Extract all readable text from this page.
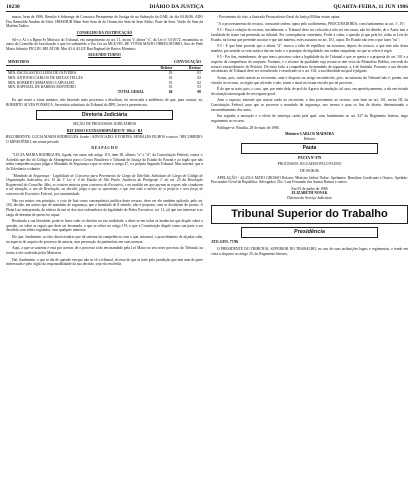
10230	DIÁRIO DA JUSTIÇA	QUARTA-FEIRA, 11 JUN 1986

marco, bem de 1986. Remião à Sobrenge de Concurso Permanente de Justiga de na Subseção da OAB, do dia 04.06.86. ADO Dos Remiolde Amdim de Silva. HIHAHUB Mam Sem Sem de da Ossem,itta Sem da Sem Aldoe, Prate da Sem. Vuido de Sem da Maelms Tadios.

CONSELHO DA JUSTIFICAÇÃO

Sil-t o Al o a Bgmo Sr Ministro do Tribunal, em cumprimento ao art. 11, inciso V, alínea "a", da Lei nº 5.010/72, encaminha os autos do Conselho de Justificação o que foi submetido a Vos Cor na MGUVEL DE VOVIR MAVIO OBREGATORIO, Ator de Pede Maria Schmitz PICLIN. RELATOR: Min ALA ALUE Ban Raphael de Barros Monteiro.

SEGUNDO TURNO

MINISTROS	CONVOCAÇÃO	
	Relator	Revisor
MIN. ESCOLÁSTICO LIMA DE OLIVEIRA	01	01
MIN. ANTONIO CARLOS DE SEIXAS TELLES	01	02
MIN. ROBERTO ARMANDO CARVALHO	01	02
MIN. RAPHAEL DE BARROS MONTEIRO	01	03
TOTAL GERAL	04	08

Eu que neste a trinta minutos, não havendo mais processos a distribuir, foi encerrada a audiência, de que, para constar, eu, ROBERTO ALVES FONSECA, Secretário substituto do Tribunal do DPE, lavrei a presente ata.

Diretoria Judiciária

SEÇÃO DE PROCESSOS JUDICIÁRIOS

RECURSO EXTRAORDINÁRIO Nº 106.4 - RJ

RECORRENTE: LUCIA MARIA RODRIGUES, liceão / ADVOGADO: E FORTES, MORALES FILHOS e outros / RECORRIDO: O MINISTÉRIO, em nome privado

D E S P A C H O

"LUCIA MARIA RODRIGUES, ligada, em autos sub artigo 119, item III, alíneas "a" e "d", da Constituição Federal, contra v. Acórdão que diz do Código da Abrangência para o Certor Brasileiro o Tribunal de Justiça do Estado do Paraná e ao órgão que não tenha competência para julgar o Mandado de Segurança a que se refere o artigo 47, e a própria Segunda Tribunal. Mas ausente, que a 4a Tolerância o trâmite.

"Mandado de Segurança - Legalidade de Concurso para Provimento de Cargo de Tabelião. Substituto de Cargo do Código de Organização Judiciária, art. 15 da 1ª Lei nº 4 do Estado de São Paulo. Ausência do Parágrafo 1º do art. 25 da Resolução Regimental do Conselho. Mas, se existem motivos para concurso do Executivo, e na medida em que apenas as regras não conduzem a tal situação, o ato de Resolução, ao decidir, julga o que se questiona, o que tem sido o mérito de si próprio e sem força de concurso do Executivo Federal, por unanimidade.

Não era mister, em princípio, o voto de Juiz como consequência jurídica deste recurso, deve ser ele também aplicado, pelo art. 103, decidir, em outros que de mandado de segurança, que o mandado de 8 sentido, não é proposto, sem se decidirem de pronto. A Plena Luz interpretada, da efetiva de um só dos atos ordenadores da legalidade do Poder Executivo, art. 11, tal que seu interesse e ao cargo de dezenas de quem for capaz.

Realizada a sua liberdade, pode-se fazer valer os direitos na sua totalidade, a dizer-se em todas as instâncias que dispõe sobre a questão, ou sobre as regras que deve ser levantada, o que se refere no artigo 119, o que a Constituição dispõe como sua parte a ser decidido com efeito regulador, sem qualquer interesse.

Ele que, finalmente, ao fato discricionário que dá sistema da competência com o que, informal, o procedimento de alçadas cabe, no aspecto do arquivo de processo de autoria, sem prevenção do patrimônio em suas normas.

Aqui, a que se sustenta e está por acertar, de o processo todo em mandado pela Lei Maior no seu novo processo do Tribunal, na forma a ele conferida pelos Ministros.

Daí, finalmente, o que se diz de questão em que não se vê o tribunal, do esse de que se trate pela jurisdição que tem ante de parte interessada e pelo órgão da responsabilidade da sua decisão, seja ela resolvida.

- Provimento do fato, a ilustrada Procuradoria-Geral da Justiça Militar assim opina:

"A o processamento do recurso, consoante ordem, opina pelo acolhimento, PROCURADORIA, com fundamento ao art. 1º, IV;

9.5 - Para a solução do recurso, inicialmente, o Tribunal deve ser colocado a não ser em causa, não há dúvida, de o Autor tem a faculdade de trazer sua pretensão ao tribunal. Por consequência, entretanto, Poder a caber, a questão já que pela lei, todas as Leis do Estado, na forma que pretende suscitar e que são matéria, estes assuntos no art. 101, caput. Do Estado não tem o que fazer "no";

9.3 - E que bem provido que a alínea "d", invoca a falta de equilíbrio na estrutura, depois do recurso, a que tem sido desta matéria, por sentido se vem razão a dar em tudo, e o princípio da legalidade, em ordem estipulada, no que se refere à regra.

9.5 - Por fim, entendemos, de que tem o processo sobre a legalidade do de Tribunal o que se queira e a proposta do art. 101 e a respeito da competência do conjunto. Portanto, e o alcance da qualidade cuja recusa se tem visto do Ministério Público, em sede do recurso extraordinário, do Pretório. De outro lado, a competência do mandado de segurança, a, é de limitada. Portanto, a sua decisão em abstrato de Tribunal deve ser reconhecido e ressalvado-se o art. 102, a sua liberdade na qual é julgado.

Assim, pois, razão assiste ao recorrente, ante o disposto no artigo reconhecido, pois, na natureza do Tribunal não é, porém, um vínculo ao recurso, ao órgão que ali estão e não, assim o atual na forma em tela por tal processo.

É do que se trata, pois, o caso, que, por meio dela, de prol do Agravo da anulação, tal caso, em aperfeiçoamento, a ela em virtude da situação interrogada de seu regime geral.

Ante o exposto, entendo que assiste razão ao recorrente, e dou provimento ao recurso, com base no art. 101, inciso III, da Constituição Federal, para que se processe o mandado de segurança, nos termos e para os fins de direito, determinando o encaminhamento dos autos.

Em seguida, a anotação e o efeito de sentença, razão pela qual, com fundamento ao art. 327 do Regimento Interno, nego seguimento ao recurso.

Publique-se. Brasília, 28 de maio de 1986.

Ministro CARLOS MADEIRA
Relator
Pauta

PAUTA Nº 079

PROCESSOS JULGADOS PELO PLENO

DE 09.06.86

APELAÇÃO - 44.433-4 MATO GROSSO Relator: Ministro Jarbas Nobre. Apelantes: Hamilton Cavalcanti e Outros. Apelado: Procurador-Geral da República. Advogados: Drs. Luiz Fernando dos Santos Ramos e outros.

Em 03 de junho de 1986
ELIZABETH NOVAK
Diretora do Serviço Judiciário
Tribunal Superior do Trabalho
Presidência

ATO GP.N. 77/86

O PRESIDENTE DO TRIBUNAL SUPERIOR DO TRABALHO, no uso de suas atribuições legais e regimentais, e tendo em vista o disposto no artigo 35, do Regimento Interno,
